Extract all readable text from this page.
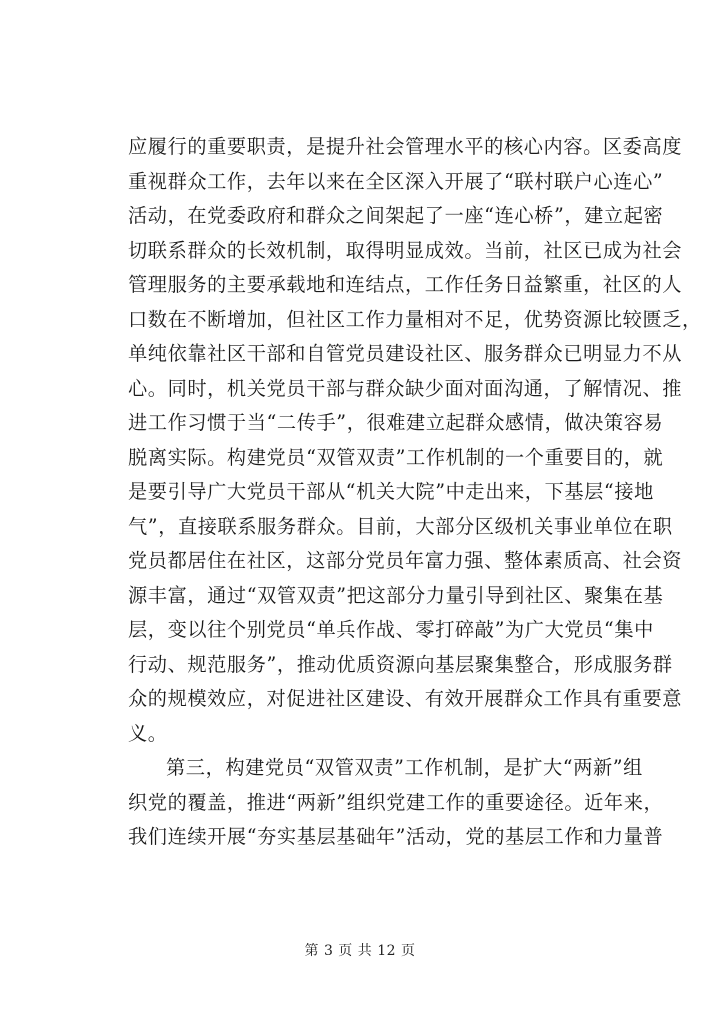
应履行的重要职责，是提升社会管理水平的核心内容。区委高度
重视群众工作，去年以来在全区深入开展了“联村联户心连心”
活动，在党委政府和群众之间架起了一座“连心桥”，建立起密
切联系群众的长效机制，取得明显成效。当前，社区已成为社会
管理服务的主要承载地和连结点，工作任务日益繁重，社区的人
口数在不断增加，但社区工作力量相对不足，优势资源比较匮乏，
单纯依靠社区干部和自管党员建设社区、服务群众已明显力不从
心。同时，机关党员干部与群众缺少面对面沟通，了解情况、推
进工作习惯于当“二传手”，很难建立起群众感情，做决策容易
脱离实际。构建党员“双管双责”工作机制的一个重要目的，就
是要引导广大党员干部从“机关大院”中走出来，下基层“接地
气”，直接联系服务群众。目前，大部分区级机关事业单位在职
党员都居住在社区，这部分党员年富力强、整体素质高、社会资
源丰富，通过“双管双责”把这部分力量引导到社区、聚集在基
层，变以往个别党员“单兵作战、零打碎敲”为广大党员“集中
行动、规范服务”，推动优质资源向基层聚集整合，形成服务群
众的规模效应，对促进社区建设、有效开展群众工作具有重要意
义。
第三，构建党员“双管双责”工作机制，是扩大“两新”组
织党的覆盖，推进“两新”组织党建工作的重要途径。近年来，
我们连续开展“夯实基层基础年”活动，党的基层工作和力量普
第 3 页 共 12 页
